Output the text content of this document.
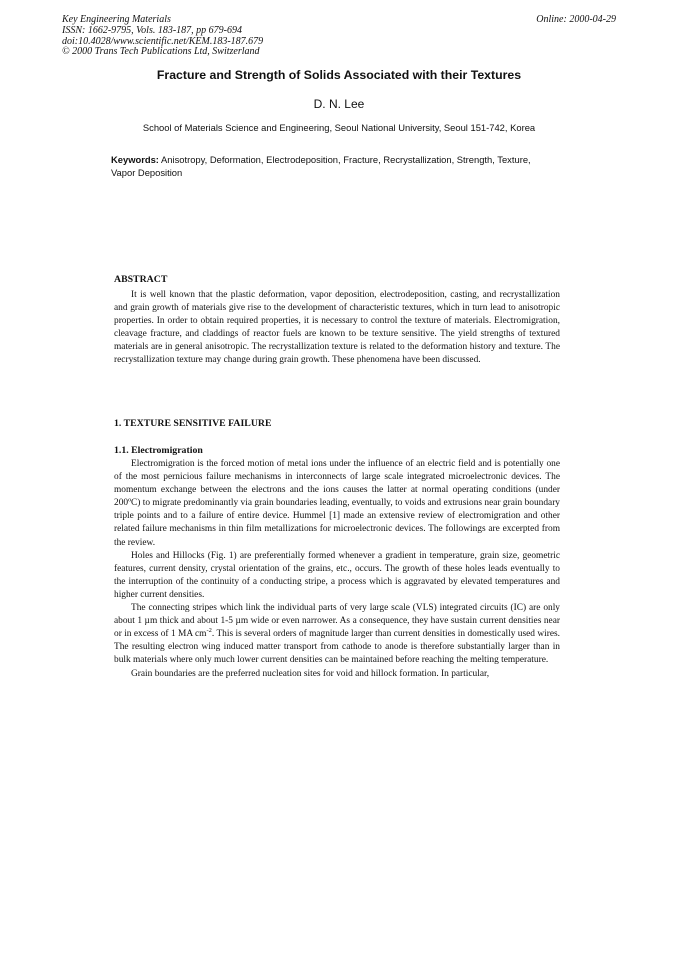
Key Engineering Materials
ISSN: 1662-9795, Vols. 183-187, pp 679-694
doi:10.4028/www.scientific.net/KEM.183-187.679
© 2000 Trans Tech Publications Ltd, Switzerland
Online: 2000-04-29
Fracture and Strength of Solids Associated with their Textures
D. N. Lee
School of Materials Science and Engineering, Seoul National University, Seoul 151-742, Korea
Keywords: Anisotropy, Deformation, Electrodeposition, Fracture, Recrystallization, Strength, Texture, Vapor Deposition
ABSTRACT

It is well known that the plastic deformation, vapor deposition, electrodeposition, casting, and recrystallization and grain growth of materials give rise to the development of characteristic textures, which in turn lead to anisotropic properties. In order to obtain required properties, it is necessary to control the texture of materials. Electromigration, cleavage fracture, and claddings of reactor fuels are known to be texture sensitive. The yield strengths of textured materials are in general anisotropic. The recrystallization texture is related to the deformation history and texture. The recrystallization texture may change during grain growth. These phenomena have been discussed.

1. TEXTURE SENSITIVE FAILURE
1.1. Electromigration

Electromigration is the forced motion of metal ions under the influence of an electric field and is potentially one of the most pernicious failure mechanisms in interconnects of large scale integrated microelectronic devices. The momentum exchange between the electrons and the ions causes the latter at normal operating conditions (under 200ºC) to migrate predominantly via grain boundaries leading, eventually, to voids and extrusions near grain boundary triple points and to a failure of entire device. Hummel [1] made an extensive review of electromigration and other related failure mechanisms in thin film metallizations for microelectronic devices. The followings are excerpted from the review.

Holes and Hillocks (Fig. 1) are preferentially formed whenever a gradient in temperature, grain size, geometric features, current density, crystal orientation of the grains, etc., occurs. The growth of these holes leads eventually to the interruption of the continuity of a conducting stripe, a process which is aggravated by elevated temperatures and higher current densities.

The connecting stripes which link the individual parts of very large scale (VLS) integrated circuits (IC) are only about 1 µm thick and about 1-5 µm wide or even narrower. As a consequence, they have sustain current densities near or in excess of 1 MA $cm^{-2}$. This is several orders of magnitude larger than current densities in domestically used wires. The resulting electron wing induced matter transport from cathode to anode is therefore substantially larger than in bulk materials where only much lower current densities can be maintained before reaching the melting temperature.

Grain boundaries are the preferred nucleation sites for void and hillock formation. In particular,
